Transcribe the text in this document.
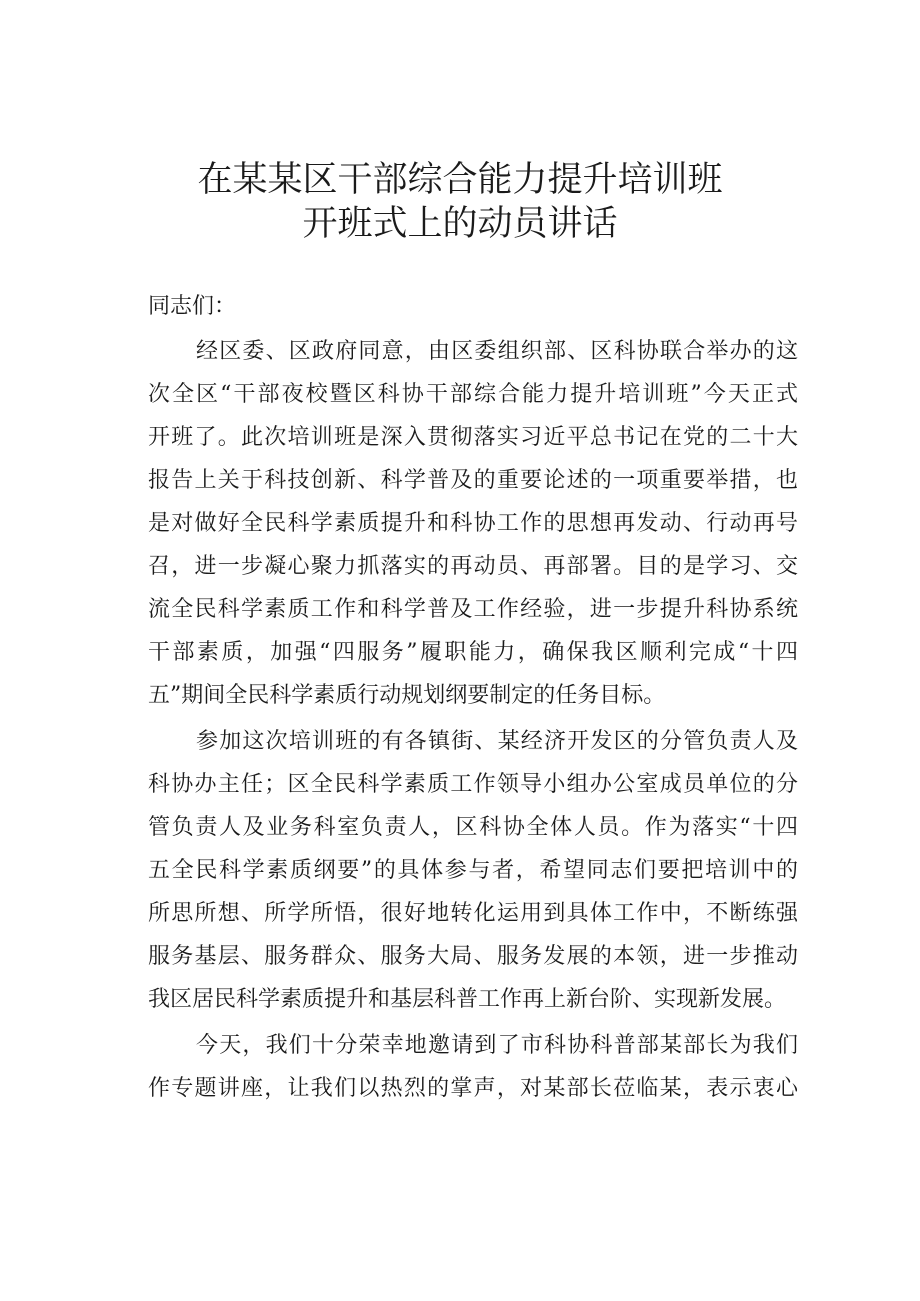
在某某区干部综合能力提升培训班
开班式上的动员讲话
同志们：
经区委、区政府同意，由区委组织部、区科协联合举办的这
次全区“干部夜校暨区科协干部综合能力提升培训班”今天正式
开班了。此次培训班是深入贯彻落实习近平总书记在党的二十大
报告上关于科技创新、科学普及的重要论述的一项重要举措，也
是对做好全民科学素质提升和科协工作的思想再发动、行动再号
召，进一步凝心聚力抓落实的再动员、再部署。目的是学习、交
流全民科学素质工作和科学普及工作经验，进一步提升科协系统
干部素质，加强“四服务”履职能力，确保我区顺利完成“十四
五”期间全民科学素质行动规划纲要制定的任务目标。
参加这次培训班的有各镇街、某经济开发区的分管负责人及
科协办主任；区全民科学素质工作领导小组办公室成员单位的分
管负责人及业务科室负责人，区科协全体人员。作为落实“十四
五全民科学素质纲要”的具体参与者，希望同志们要把培训中的
所思所想、所学所悟，很好地转化运用到具体工作中，不断练强
服务基层、服务群众、服务大局、服务发展的本领，进一步推动
我区居民科学素质提升和基层科普工作再上新台阶、实现新发展。
今天，我们十分荣幸地邀请到了市科协科普部某部长为我们
作专题讲座，让我们以热烈的掌声，对某部长莅临某，表示衷心
